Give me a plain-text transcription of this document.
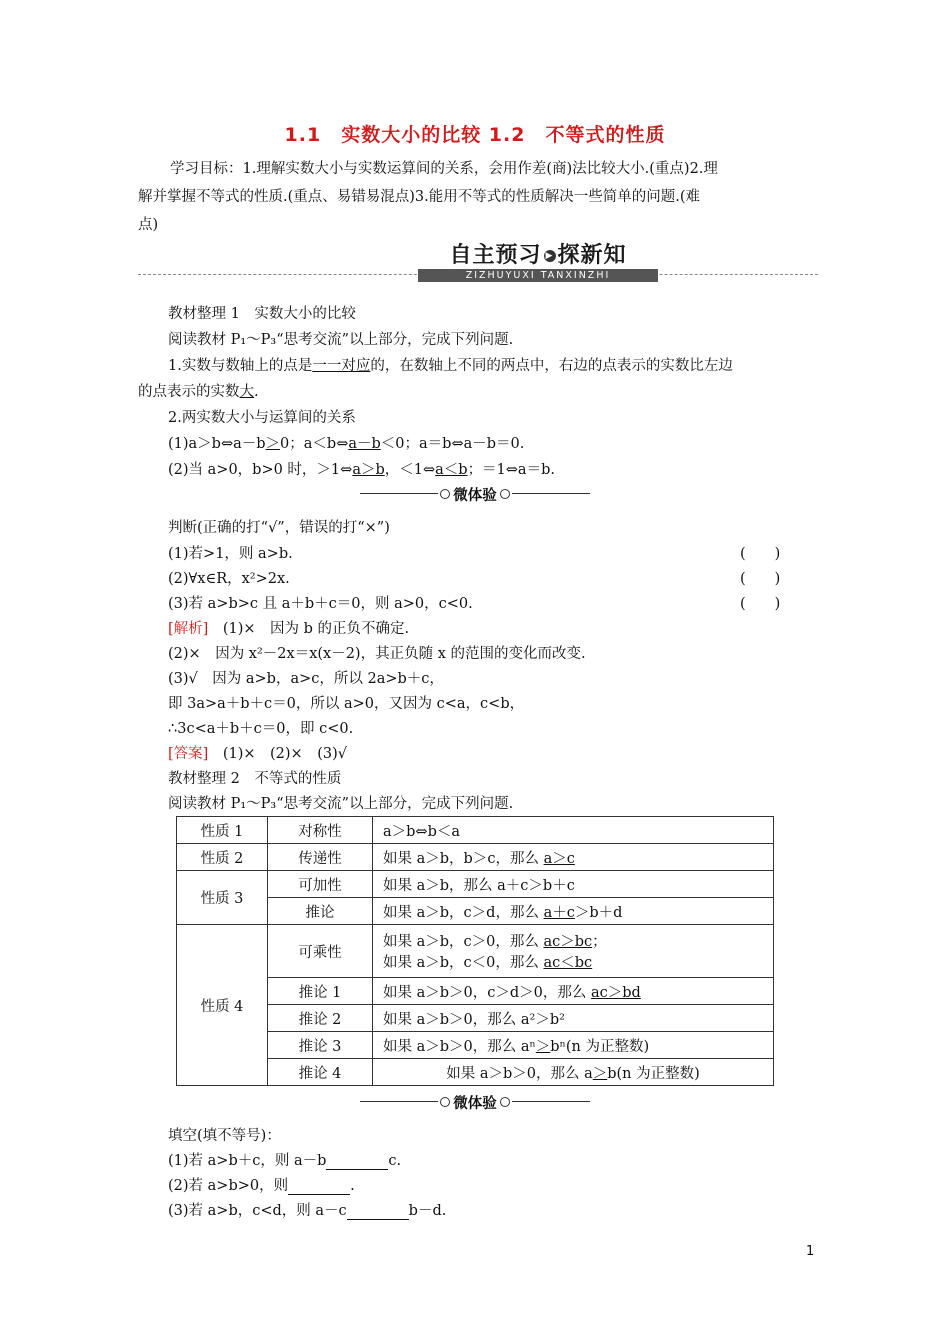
1.1　实数大小的比较 1.2　不等式的性质
学习目标：1.理解实数大小与实数运算间的关系，会用作差(商)法比较大小.(重点)2.理
解并掌握不等式的性质.(重点、易错易混点)3.能用不等式的性质解决一些简单的问题.(难
点)
自主预习 ▶ 探新知
ZIZHUYUXI TANXINZHI
教材整理 1　实数大小的比较
阅读教材 P₁～P₃“思考交流”以上部分，完成下列问题.
1.实数与数轴上的点是一一对应的，在数轴上不同的两点中，右边的点表示的实数比左边
的点表示的实数大.
2.两实数大小与运算间的关系
(1)a＞b⇔a－b＞0；a＜b⇔a－b＜0；a＝b⇔a－b＝0.
(2)当 a>0，b>0 时，＞1⇔a＞b，＜1⇔a＜b；＝1⇔a＝b.
微体验
判断(正确的打“√”，错误的打“×”)
(1)若>1，则 a>b.	(　　)
(2)∀x∈R，x²>2x.	(　　)
(3)若 a>b>c 且 a＋b＋c＝0，则 a>0，c<0.	(　　)
[解析]　(1)×　因为 b 的正负不确定.
(2)×　因为 x²－2x＝x(x－2)，其正负随 x 的范围的变化而改变.
(3)√　因为 a>b，a>c，所以 2a>b＋c，
即 3a>a＋b＋c＝0，所以 a>0，又因为 c<a，c<b，
∴3c<a＋b＋c＝0，即 c<0.
[答案]　(1)×　(2)×　(3)√
教材整理 2　不等式的性质
阅读教材 P₁～P₃“思考交流”以上部分，完成下列问题.
性质 1	对称性	a＞b⇔b＜a
性质 2	传递性	如果 a＞b，b＞c，那么 a＞c
性质 3	可加性	如果 a＞b，那么 a＋c＞b＋c
	推论	如果 a＞b，c＞d，那么 a＋c＞b＋d
性质 4	可乘性	如果 a＞b，c＞0，那么 ac＞bc；
如果 a＞b，c＜0，那么 ac＜bc

	推论 1	如果 a＞b＞0，c＞d＞0，那么 ac＞bd
	推论 2	如果 a＞b＞0，那么 a²＞b²
	推论 3	如果 a＞b＞0，那么 aⁿ＞bⁿ(n 为正整数)
	推论 4	如果 a＞b＞0，那么 a＞b(n 为正整数)
微体验
填空(填不等号)：
(1)若 a>b＋c，则 a－b	c.
(2)若 a>b>0，则	.
(3)若 a>b，c<d，则 a－c	b－d.
1
